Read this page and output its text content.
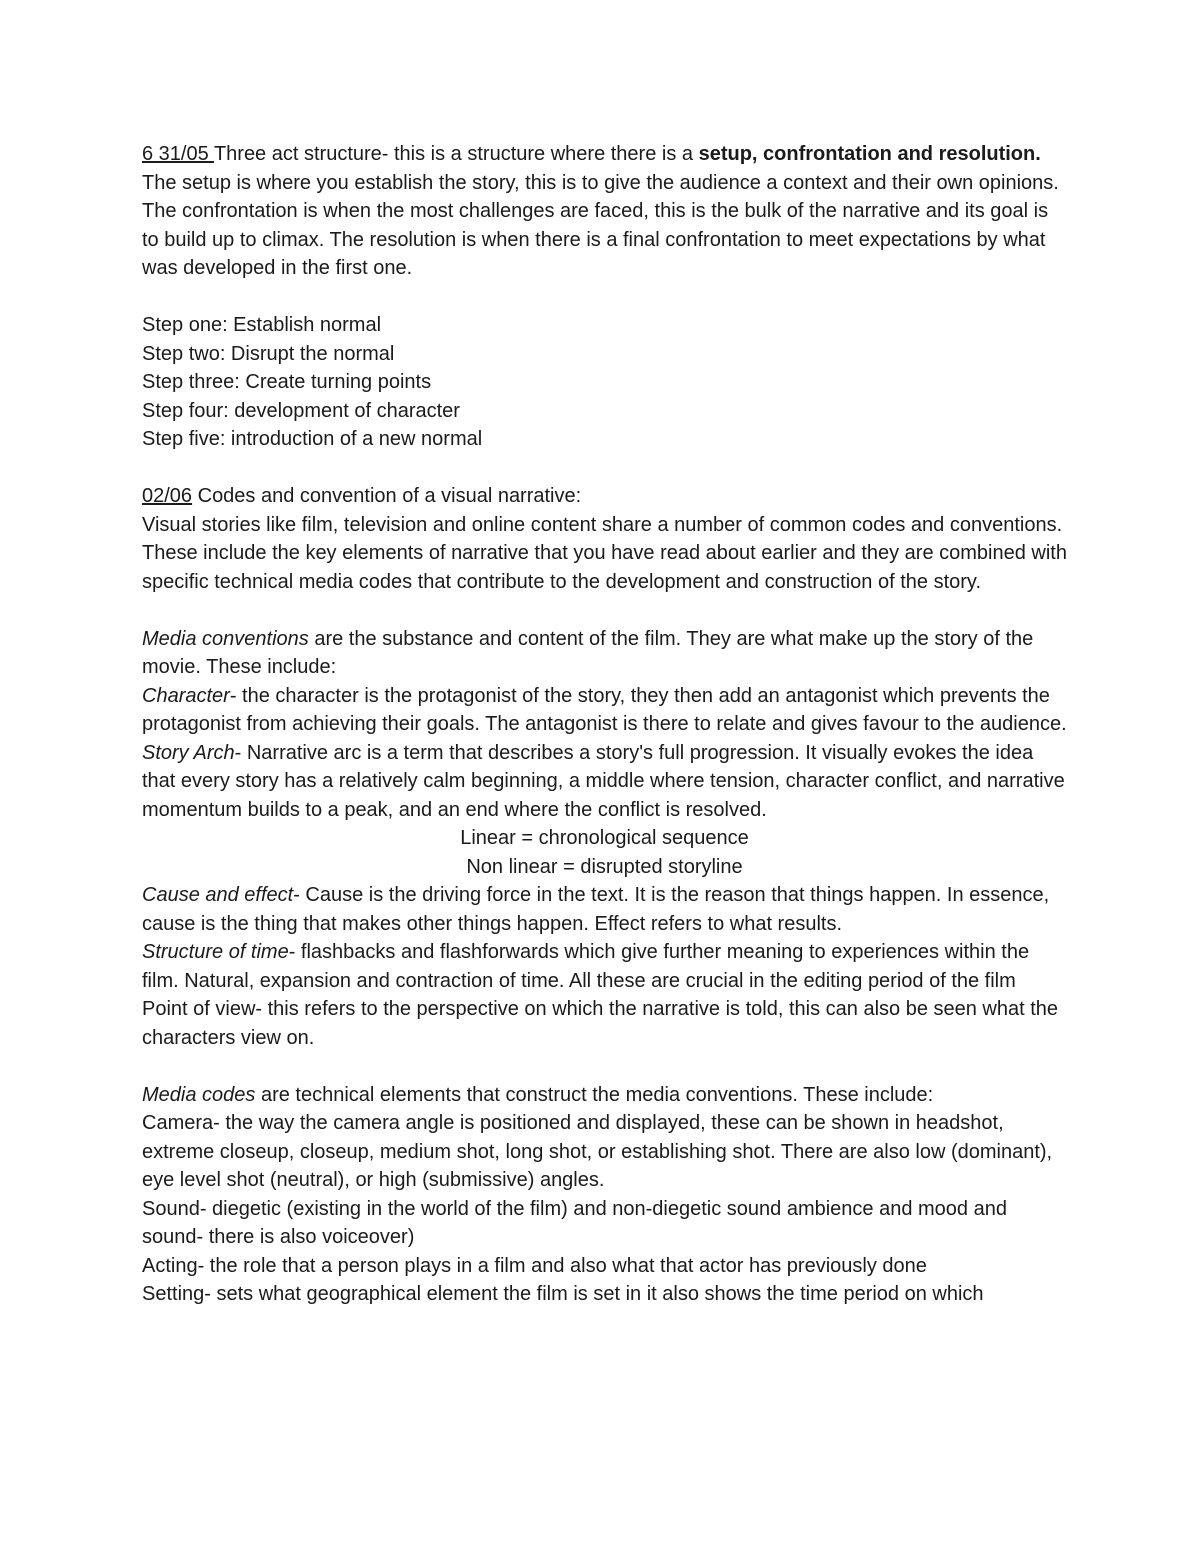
6 31/05 Three act structure- this is a structure where there is a setup, confrontation and resolution. The setup is where you establish the story, this is to give the audience a context and their own opinions. The confrontation is when the most challenges are faced, this is the bulk of the narrative and its goal is to build up to climax. The resolution is when there is a final confrontation to meet expectations by what was developed in the first one.

Step one: Establish normal

Step two: Disrupt the normal

Step three: Create turning points

Step four: development of character

Step five: introduction of a new normal

02/06 Codes and convention of a visual narrative:

Visual stories like film, television and online content share a number of common codes and conventions. These include the key elements of narrative that you have read about earlier and they are combined with specific technical media codes that contribute to the development and construction of the story.

Media conventions are the substance and content of the film. They are what make up the story of the movie. These include:

Character- the character is the protagonist of the story, they then add an antagonist which prevents the protagonist from achieving their goals. The antagonist is there to relate and gives favour to the audience.

Story Arch- Narrative arc is a term that describes a story's full progression. It visually evokes the idea that every story has a relatively calm beginning, a middle where tension, character conflict, and narrative momentum builds to a peak, and an end where the conflict is resolved.

Linear = chronological sequence

Non linear = disrupted storyline

Cause and effect- Cause is the driving force in the text. It is the reason that things happen. In essence, cause is the thing that makes other things happen. Effect refers to what results.

Structure of time- flashbacks and flashforwards which give further meaning to experiences within the film. Natural, expansion and contraction of time. All these are crucial in the editing period of the film

Point of view- this refers to the perspective on which the narrative is told, this can also be seen what the characters view on.

Media codes are technical elements that construct the media conventions. These include:

Camera- the way the camera angle is positioned and displayed, these can be shown in headshot, extreme closeup, closeup, medium shot, long shot, or establishing shot. There are also low (dominant), eye level shot (neutral), or high (submissive) angles.

Sound- diegetic (existing in the world of the film) and non-diegetic sound ambience and mood and sound- there is also voiceover)

Acting- the role that a person plays in a film and also what that actor has previously done

Setting- sets what geographical element the film is set in it also shows the time period on which
